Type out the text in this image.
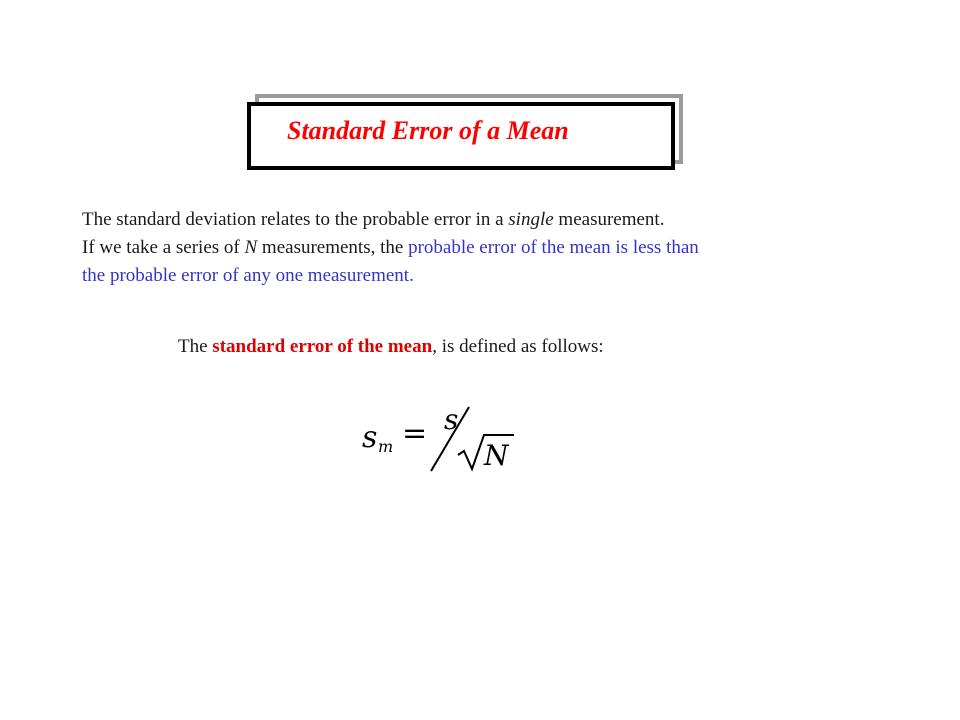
Standard Error of a Mean
The standard deviation relates to the probable error in a single measurement.
If we take a series of N measurements, the probable error of the mean is less than
the probable error of any one measurement.
The standard error of the mean, is defined as follows:
s m = s
N
